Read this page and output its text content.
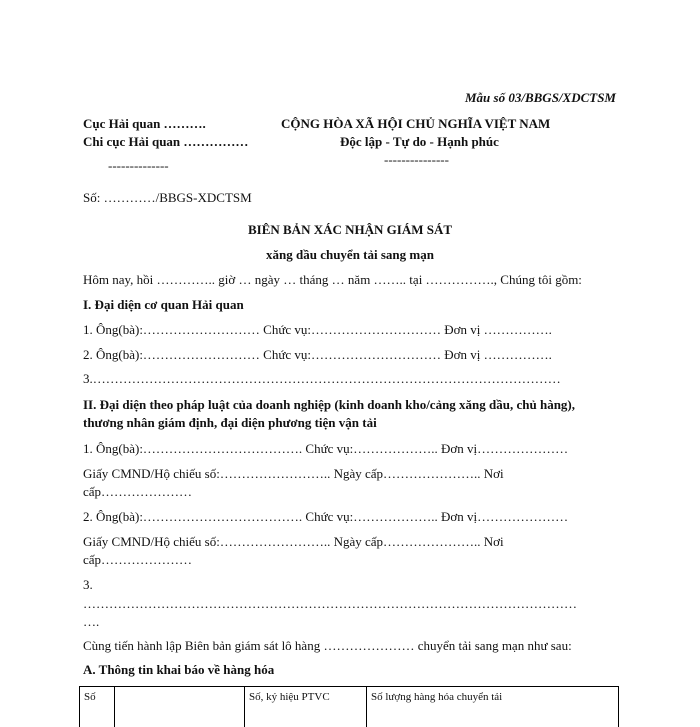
Mẫu số 03/BBGS/XDCTSM
Cục Hải quan ……….
Chi cục Hải quan ……………
--------------
CỘNG HÒA XÃ HỘI CHỦ NGHĨA VIỆT NAM
Độc lập - Tự do - Hạnh phúc
---------------
Số: …………/BBGS-XDCTSM
BIÊN BẢN XÁC NHẬN GIÁM SÁT
xăng dầu chuyển tải sang mạn
Hôm nay, hồi ………….. giờ … ngày … tháng … năm …….. tại ……………., Chúng tôi gồm:
I. Đại diện cơ quan Hải quan
1. Ông(bà):……………………… Chức vụ:………………………… Đơn vị …………….
2. Ông(bà):……………………… Chức vụ:………………………… Đơn vị …………….
3.………………………………………………………………………………………………
II. Đại diện theo pháp luật của doanh nghiệp (kinh doanh kho/cảng xăng dầu, chủ hàng),
thương nhân giám định, đại diện phương tiện vận tải
1. Ông(bà):………………………………. Chức vụ:……………….. Đơn vị…………………
Giấy CMND/Hộ chiếu số:…………………….. Ngày cấp………………….. Nơi
cấp…………………
2. Ông(bà):………………………………. Chức vụ:……………….. Đơn vị…………………
Giấy CMND/Hộ chiếu số:…………………….. Ngày cấp………………….. Nơi
cấp…………………
3.
……………………………………………………………………………………………………
….
Cùng tiến hành lập Biên bản giám sát lô hàng ………………… chuyển tải sang mạn như sau:
A. Thông tin khai báo về hàng hóa
Số	Số, ký hiệu PTVC	Số lượng hàng hóa chuyển tải
